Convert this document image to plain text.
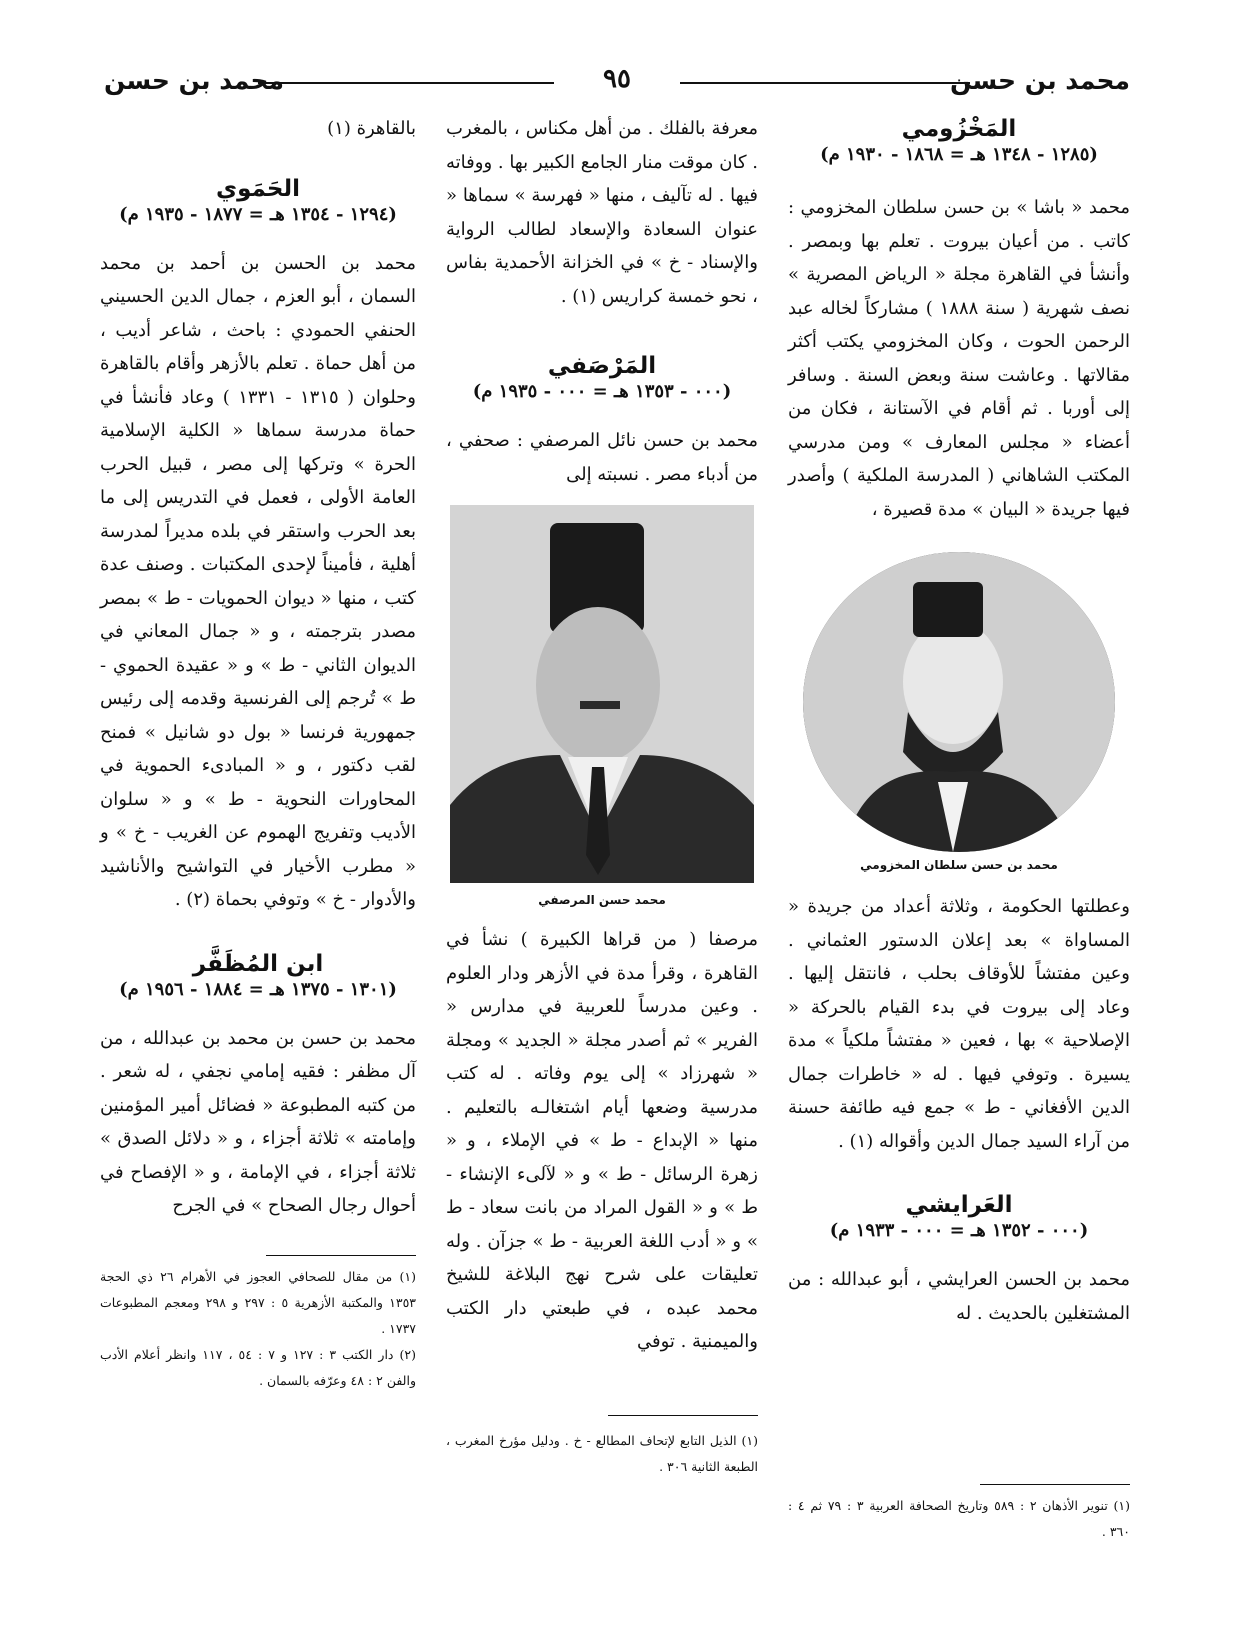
محمد بن حسن
٩٥
محمد بن حسن
المَخْزُومي
(١٢٨٥ - ١٣٤٨ هـ = ١٨٦٨ - ١٩٣٠ م)
محمد « باشا » بن حسن سلطان المخزومي : كاتب . من أعيان بيروت . تعلم بها وبمصر . وأنشأ في القاهرة مجلة « الرياض المصرية » نصف شهرية ( سنة ١٨٨٨ ) مشاركاً لخاله عبد الرحمن الحوت ، وكان المخزومي يكتب أكثر مقالاتها . وعاشت سنة وبعض السنة . وسافر إلى أوربا . ثم أقام في الآستانة ، فكان من أعضاء « مجلس المعارف » ومن مدرسي المكتب الشاهاني ( المدرسة الملكية ) وأصدر فيها جريدة « البيان » مدة قصيرة ،
محمد بن حسن سلطان المخزومي
وعطلتها الحكومة ، وثلاثة أعداد من جريدة « المساواة » بعد إعلان الدستور العثماني . وعين مفتشاً للأوقاف بحلب ، فانتقل إليها . وعاد إلى بيروت في بدء القيام بالحركة « الإصلاحية » بها ، فعين « مفتشاً ملكياً » مدة يسيرة . وتوفي فيها . له « خاطرات جمال الدين الأفغاني - ط » جمع فيه طائفة حسنة من آراء السيد جمال الدين وأقواله (١) .
العَرايشي
(٠٠٠ - ١٣٥٢ هـ = ٠٠٠ - ١٩٣٣ م)
محمد بن الحسن العرايشي ، أبو عبدالله : من المشتغلين بالحديث . له
معرفة بالفلك . من أهل مكناس ، بالمغرب . كان موقت منار الجامع الكبير بها . ووفاته فيها . له تآليف ، منها « فهرسة » سماها « عنوان السعادة والإسعاد لطالب الرواية والإسناد - خ » في الخزانة الأحمدية بفاس ، نحو خمسة كراريس (١) .
المَرْصَفي
(٠٠٠ - ١٣٥٣ هـ = ٠٠٠ - ١٩٣٥ م)
محمد بن حسن نائل المرصفي : صحفي ، من أدباء مصر . نسبته إلى
محمد حسن المرصفي
مرصفا ( من قراها الكبيرة ) نشأ في القاهرة ، وقرأ مدة في الأزهر ودار العلوم . وعين مدرساً للعربية في مدارس « الفرير » ثم أصدر مجلة « الجديد » ومجلة « شهرزاد » إلى يوم وفاته . له كتب مدرسية وضعها أيام اشتغالـه بالتعليم . منها « الإبداع - ط » في الإملاء ، و « زهرة الرسائل - ط » و « لآلىء الإنشاء - ط » و « القول المراد من بانت سعاد - ط » و « أدب اللغة العربية - ط » جزآن . وله تعليقات على شرح نهج البلاغة للشيخ محمد عبده ، في طبعتي دار الكتب والميمنية . توفي
(١) الذيل التابع لإتحاف المطالع - خ . ودليل مؤرخ المغرب ، الطبعة الثانية ٣٠٦ .
بالقاهرة (١)
الحَمَوي
(١٢٩٤ - ١٣٥٤ هـ = ١٨٧٧ - ١٩٣٥ م)
محمد بن الحسن بن أحمد بن محمد السمان ، أبو العزم ، جمال الدين الحسيني الحنفي الحمودي : باحث ، شاعر أديب ، من أهل حماة . تعلم بالأزهر وأقام بالقاهرة وحلوان ( ١٣١٥ - ١٣٣١ ) وعاد فأنشأ في حماة مدرسة سماها « الكلية الإسلامية الحرة » وتركها إلى مصر ، قبيل الحرب العامة الأولى ، فعمل في التدريس إلى ما بعد الحرب واستقر في بلده مديراً لمدرسة أهلية ، فأميناً لإحدى المكتبات . وصنف عدة كتب ، منها « ديوان الحمويات - ط » بمصر مصدر بترجمته ، و « جمال المعاني في الديوان الثاني - ط » و « عقيدة الحموي - ط » تُرجم إلى الفرنسية وقدمه إلى رئيس جمهورية فرنسا « بول دو شانيل » فمنح لقب دكتور ، و « المبادىء الحموية في المحاورات النحوية - ط » و « سلوان الأديب وتفريج الهموم عن الغريب - خ » و « مطرب الأخيار في التواشيح والأناشيد والأدوار - خ » وتوفي بحماة (٢) .
ابن المُظَفَّر
(١٣٠١ - ١٣٧٥ هـ = ١٨٨٤ - ١٩٥٦ م)
محمد بن حسن بن محمد بن عبدالله ، من آل مظفر : فقيه إمامي نجفي ، له شعر . من كتبه المطبوعة « فضائل أمير المؤمنين وإمامته » ثلاثة أجزاء ، و « دلائل الصدق » ثلاثة أجزاء ، في الإمامة ، و « الإفصاح في أحوال رجال الصحاح » في الجرح
(١) من مقال للصحافي العجوز في الأهرام ٢٦ ذي الحجة ١٣٥٣ والمكتبة الأزهرية ٥ : ٢٩٧ و ٢٩٨ ومعجم المطبوعات ١٧٣٧ .
(٢) دار الكتب ٣ : ١٢٧ و ٧ : ٥٤ ، ١١٧ وانظر أعلام الأدب والفن ٢ : ٤٨ وعرّفه بالسمان .
(١) تنوير الأذهان ٢ : ٥٨٩ وتاريخ الصحافة العربية ٣ : ٧٩ ثم ٤ : ٣٦٠ .
